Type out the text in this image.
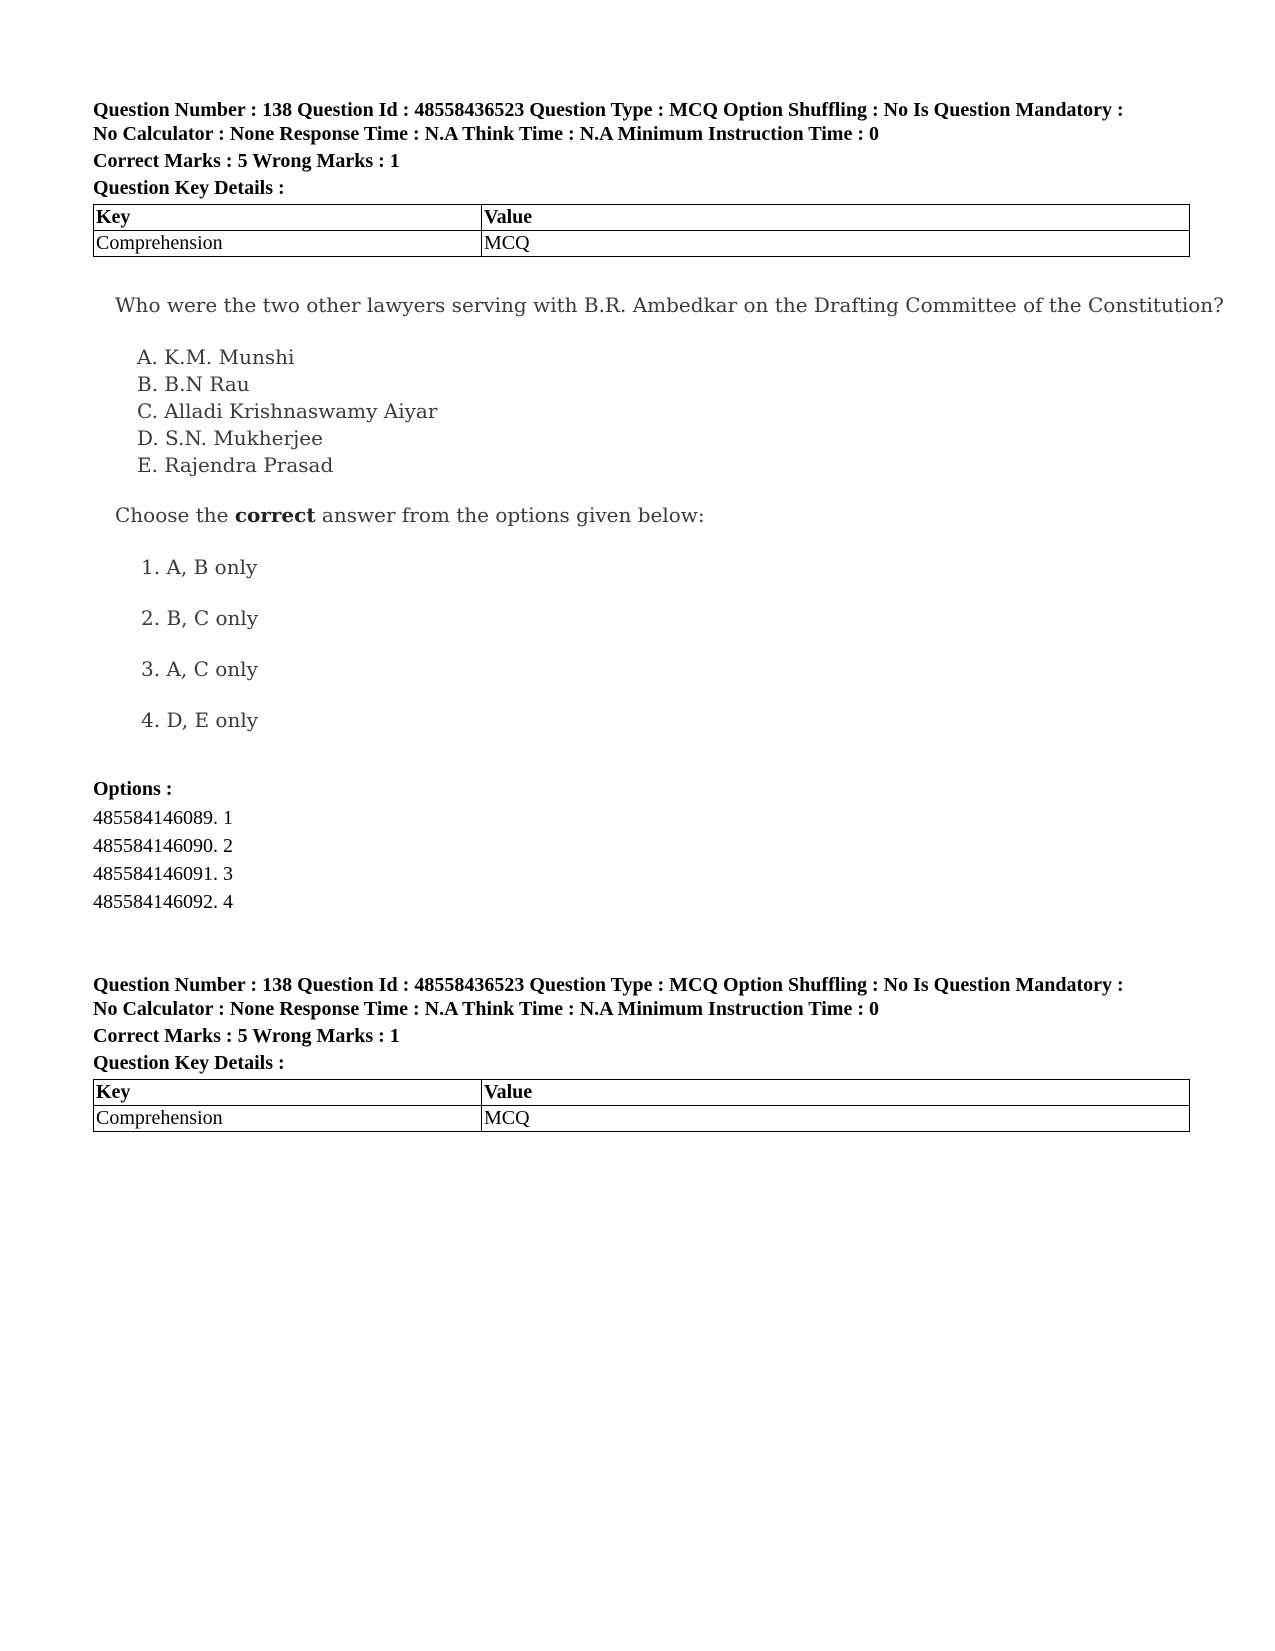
Question Number : 138 Question Id : 48558436523 Question Type : MCQ Option Shuffling : No Is Question Mandatory :

No Calculator : None Response Time : N.A Think Time : N.A Minimum Instruction Time : 0

Correct Marks : 5 Wrong Marks : 1
Question Key Details :
Key	Value
Comprehension	MCQ
Who were the two other lawyers serving with B.R. Ambedkar on the Drafting Committee of the Constitution?
A. K.M. Munshi
B. B.N Rau
C. Alladi Krishnaswamy Aiyar
D. S.N. Mukherjee
E. Rajendra Prasad
Choose the correct answer from the options given below:
1. A, B only
2. B, C only
3. A, C only
4. D, E only
Options :
485584146089. 1
485584146090. 2
485584146091. 3
485584146092. 4

Question Number : 138 Question Id : 48558436523 Question Type : MCQ Option Shuffling : No Is Question Mandatory :

No Calculator : None Response Time : N.A Think Time : N.A Minimum Instruction Time : 0

Correct Marks : 5 Wrong Marks : 1
Question Key Details :
Key	Value
Comprehension	MCQ
